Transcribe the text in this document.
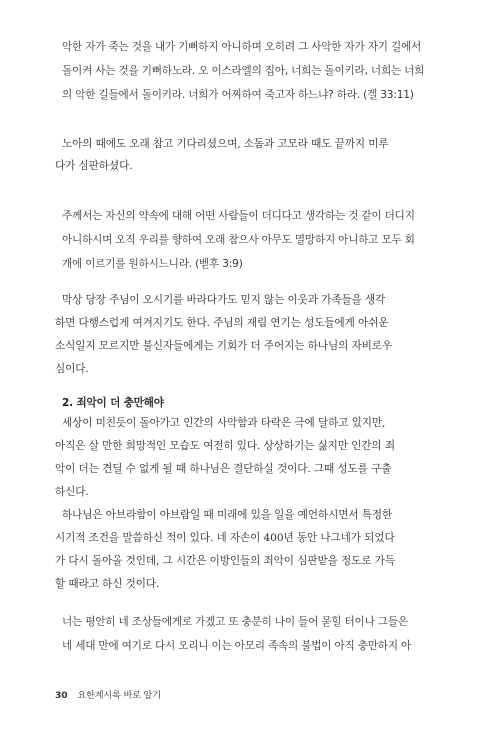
악한 자가 죽는 것을 내가 기뻐하지 아니하며 오히려 그 사악한 자가 자기 길에서
돌이켜 사는 것을 기뻐하노라. 오 이스라엘의 집아, 너희는 돌이키라, 너희는 너희
의 악한 길들에서 돌이키라. 너희가 어찌하여 죽고자 하느냐? 하라. (겔 33:11)
노아의 때에도 오래 참고 기다리셨으며, 소돔과 고모라 때도 끝까지 미루
다가 심판하셨다.
주께서는 자신의 약속에 대해 어떤 사람들이 더디다고 생각하는 것 같이 더디지
아니하시며 오직 우리를 향하여 오래 참으사 아무도 멸망하지 아니하고 모두 회
개에 이르기를 원하시느니라. (벧후 3:9)
막상 당장 주님이 오시기를 바라다가도 믿지 않는 이웃과 가족들을 생각
하면 다행스럽게 여겨지기도 한다. 주님의 재림 연기는 성도들에게 아쉬운
소식일지 모르지만 불신자들에게는 기회가 더 주어지는 하나님의 자비로우
심이다.
2. 죄악이 더 충만해야
세상이 미친듯이 돌아가고 인간의 사악함과 타락은 극에 달하고 있지만,
아직은 살 만한 희망적인 모습도 여전히 있다. 상상하기는 싫지만 인간의 죄
악이 더는 견딜 수 없게 될 때 하나님은 결단하실 것이다. 그때 성도를 구출
하신다.
하나님은 아브라함이 아브람일 때 미래에 있을 일을 예언하시면서 특정한
시기적 조건을 말씀하신 적이 있다. 네 자손이 400년 동안 나그네가 되었다
가 다시 돌아올 것인데, 그 시간은 이방인들의 죄악이 심판받을 정도로 가득
할 때라고 하신 것이다.
너는 평안히 네 조상들에게로 가겠고 또 충분히 나이 들어 묻힐 터이나 그들은
네 세대 만에 여기로 다시 오리니 이는 아모리 족속의 불법이 아직 충만하지 아
30 요한계시록 바로 알기
